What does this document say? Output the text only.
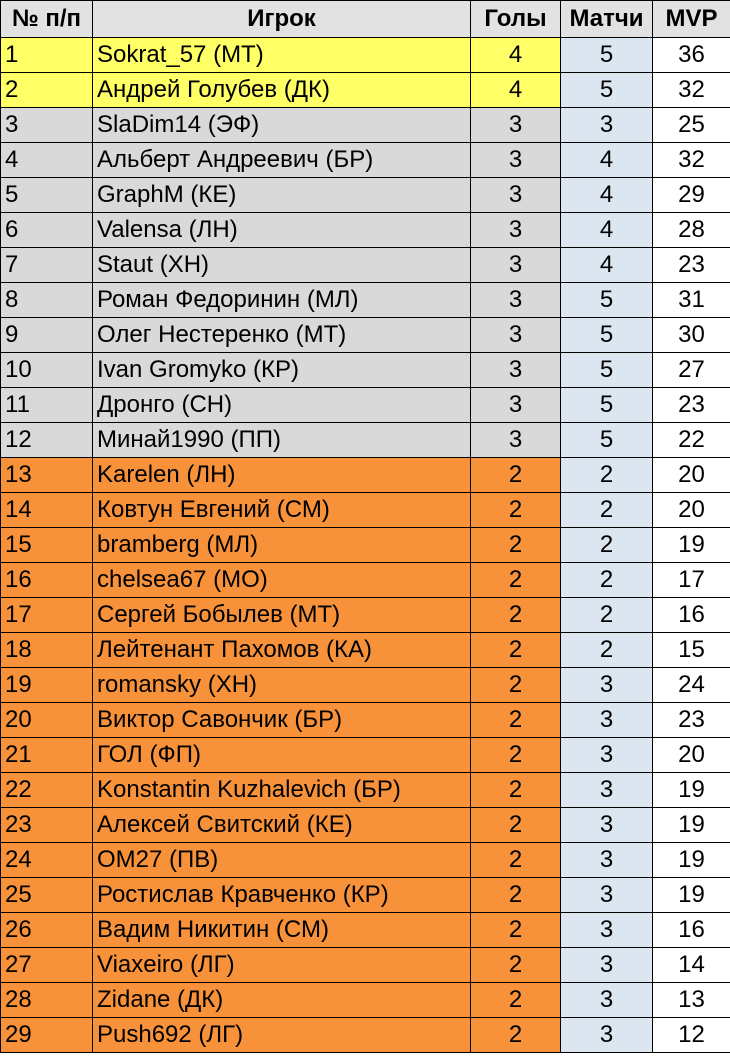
№ п/п	Игрок	Голы	Матчи	MVP
1	Sokrat_57 (МТ)	4	5	36
2	Андрей Голубев (ДК)	4	5	32
3	SlaDim14 (ЭФ)	3	3	25
4	Альберт Андреевич (БР)	3	4	32
5	GraphM (КЕ)	3	4	29
6	Valensa (ЛН)	3	4	28
7	Staut (ХН)	3	4	23
8	Роман Федоринин (МЛ)	3	5	31
9	Олег Нестеренко (МТ)	3	5	30
10	Ivan Gromyko (КР)	3	5	27
11	Дронго (СН)	3	5	23
12	Минай1990 (ПП)	3	5	22
13	Karelen (ЛН)	2	2	20
14	Ковтун Евгений (СМ)	2	2	20
15	bramberg (МЛ)	2	2	19
16	chelsea67 (МО)	2	2	17
17	Сергей Бобылев (МТ)	2	2	16
18	Лейтенант Пахомов (КА)	2	2	15
19	romansky (ХН)	2	3	24
20	Виктор Савончик (БР)	2	3	23
21	ГОЛ (ФП)	2	3	20
22	Konstantin Kuzhalevich (БР)	2	3	19
23	Алексей Свитский (КЕ)	2	3	19
24	ОМ27 (ПВ)	2	3	19
25	Ростислав Кравченко (КР)	2	3	19
26	Вадим Никитин (СМ)	2	3	16
27	Viaxeiro (ЛГ)	2	3	14
28	Zidane (ДК)	2	3	13
29	Push692 (ЛГ)	2	3	12
